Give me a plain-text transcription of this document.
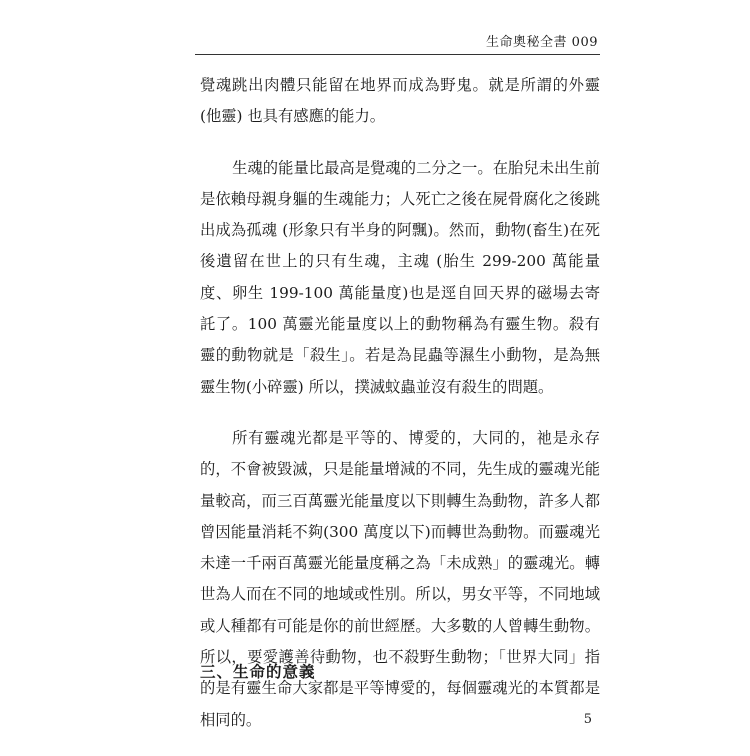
生命奧秘全書 009

覺魂跳出肉體只能留在地界而成為野鬼。就是所謂的外靈 (他靈) 也具有感應的能力。

生魂的能量比最高是覺魂的二分之一。在胎兒未出生前是依賴母親身軀的生魂能力；人死亡之後在屍骨腐化之後跳出成為孤魂 (形象只有半身的阿飄)。然而，動物(畜生)在死後遺留在世上的只有生魂，主魂 (胎生 299-200 萬能量度、卵生 199-100 萬能量度)也是逕自回天界的磁場去寄託了。100 萬靈光能量度以上的動物稱為有靈生物。殺有靈的動物就是「殺生」。若是為昆蟲等濕生小動物，是為無靈生物(小碎靈) 所以，撲滅蚊蟲並沒有殺生的問題。

所有靈魂光都是平等的、博愛的，大同的，祂是永存的，不會被毀滅，只是能量增減的不同，先生成的靈魂光能量較高，而三百萬靈光能量度以下則轉生為動物，許多人都曾因能量消耗不夠(300 萬度以下)而轉世為動物。而靈魂光未達一千兩百萬靈光能量度稱之為「未成熟」的靈魂光。轉世為人而在不同的地域或性別。所以，男女平等，不同地域或人種都有可能是你的前世經歷。大多數的人曾轉生動物。所以，要愛護善待動物，也不殺野生動物；「世界大同」指的是有靈生命大家都是平等博愛的，每個靈魂光的本質都是相同的。

三、生命的意義
5
